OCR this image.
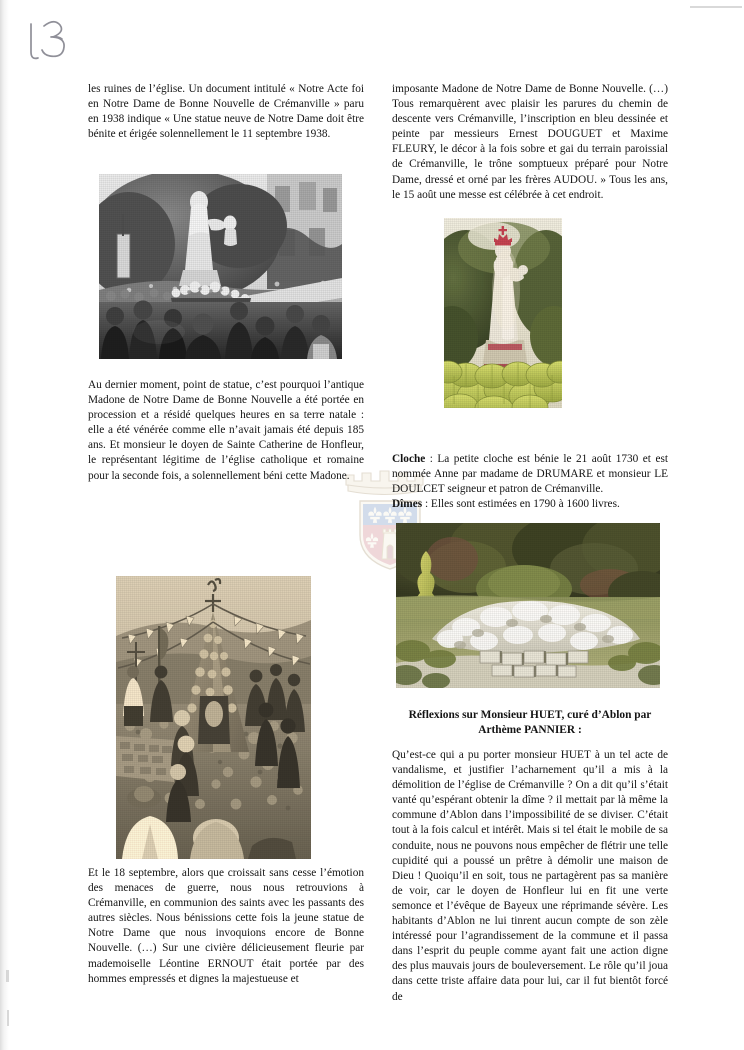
les ruines de l’église. Un document intitulé « Notre Acte foi en Notre Dame de Bonne Nouvelle de Crémanville » paru en 1938 indique « Une statue neuve de Notre Dame doit être bénite et érigée solennellement le 11 septembre 1938.

Au dernier moment, point de statue, c’est pourquoi l’antique Madone de Notre Dame de Bonne Nouvelle a été portée en procession et a résidé quelques heures en sa terre natale : elle a été vénérée comme elle n’avait jamais été depuis 185 ans. Et monsieur le doyen de Sainte Catherine de Honfleur, le représentant légitime de l’église catholique et romaine pour la seconde fois, a solennellement béni cette Madone.

Et le 18 septembre, alors que croissait sans cesse l’émotion des menaces de guerre, nous nous retrouvions à Crémanville, en communion des saints avec les passants des autres siècles. Nous bénissions cette fois la jeune statue de Notre Dame que nous invoquions encore de Bonne Nouvelle. (…) Sur une civière délicieusement fleurie par mademoiselle Léontine ERNOUT était portée par des hommes empressés et dignes la majestueuse et

imposante Madone de Notre Dame de Bonne Nouvelle. (…) Tous remarquèrent avec plaisir les parures du chemin de descente vers Crémanville, l’inscription en bleu dessinée et peinte par messieurs Ernest DOUGUET et Maxime FLEURY, le décor à la fois sobre et gai du terrain paroissial de Crémanville, le trône somptueux préparé pour Notre Dame, dressé et orné par les frères AUDOU. » Tous les ans, le 15 août une messe est célébrée à cet endroit.

Cloche : La petite cloche est bénie le 21 août 1730 et est nommée Anne par madame de DRUMARE et monsieur LE DOULCET seigneur et patron de Crémanville.

Dîmes : Elles sont estimées en 1790 à 1600 livres.

Réflexions sur Monsieur HUET, curé d’Ablon par

Arthème PANNIER :

Qu’est-ce qui a pu porter monsieur HUET à un tel acte de vandalisme, et justifier l’acharnement qu’il a mis à la démolition de l’église de Crémanville ? On a dit qu’il s’était vanté qu’espérant obtenir la dîme ? il mettait par là même la commune d’Ablon dans l’impossibilité de se diviser. C’était tout à la fois calcul et intérêt. Mais si tel était le mobile de sa conduite, nous ne pouvons nous empêcher de flétrir une telle cupidité qui a poussé un prêtre à démolir une maison de Dieu ! Quoiqu’il en soit, tous ne partagèrent pas sa manière de voir, car le doyen de Honfleur lui en fit une verte semonce et l’évêque de Bayeux une réprimande sévère. Les habitants d’Ablon ne lui tinrent aucun compte de son zèle intéressé pour l’agrandissement de la commune et il passa dans l’esprit du peuple comme ayant fait une action digne des plus mauvais jours de bouleversement. Le rôle qu’il joua dans cette triste affaire data pour lui, car il fut bientôt forcé de
